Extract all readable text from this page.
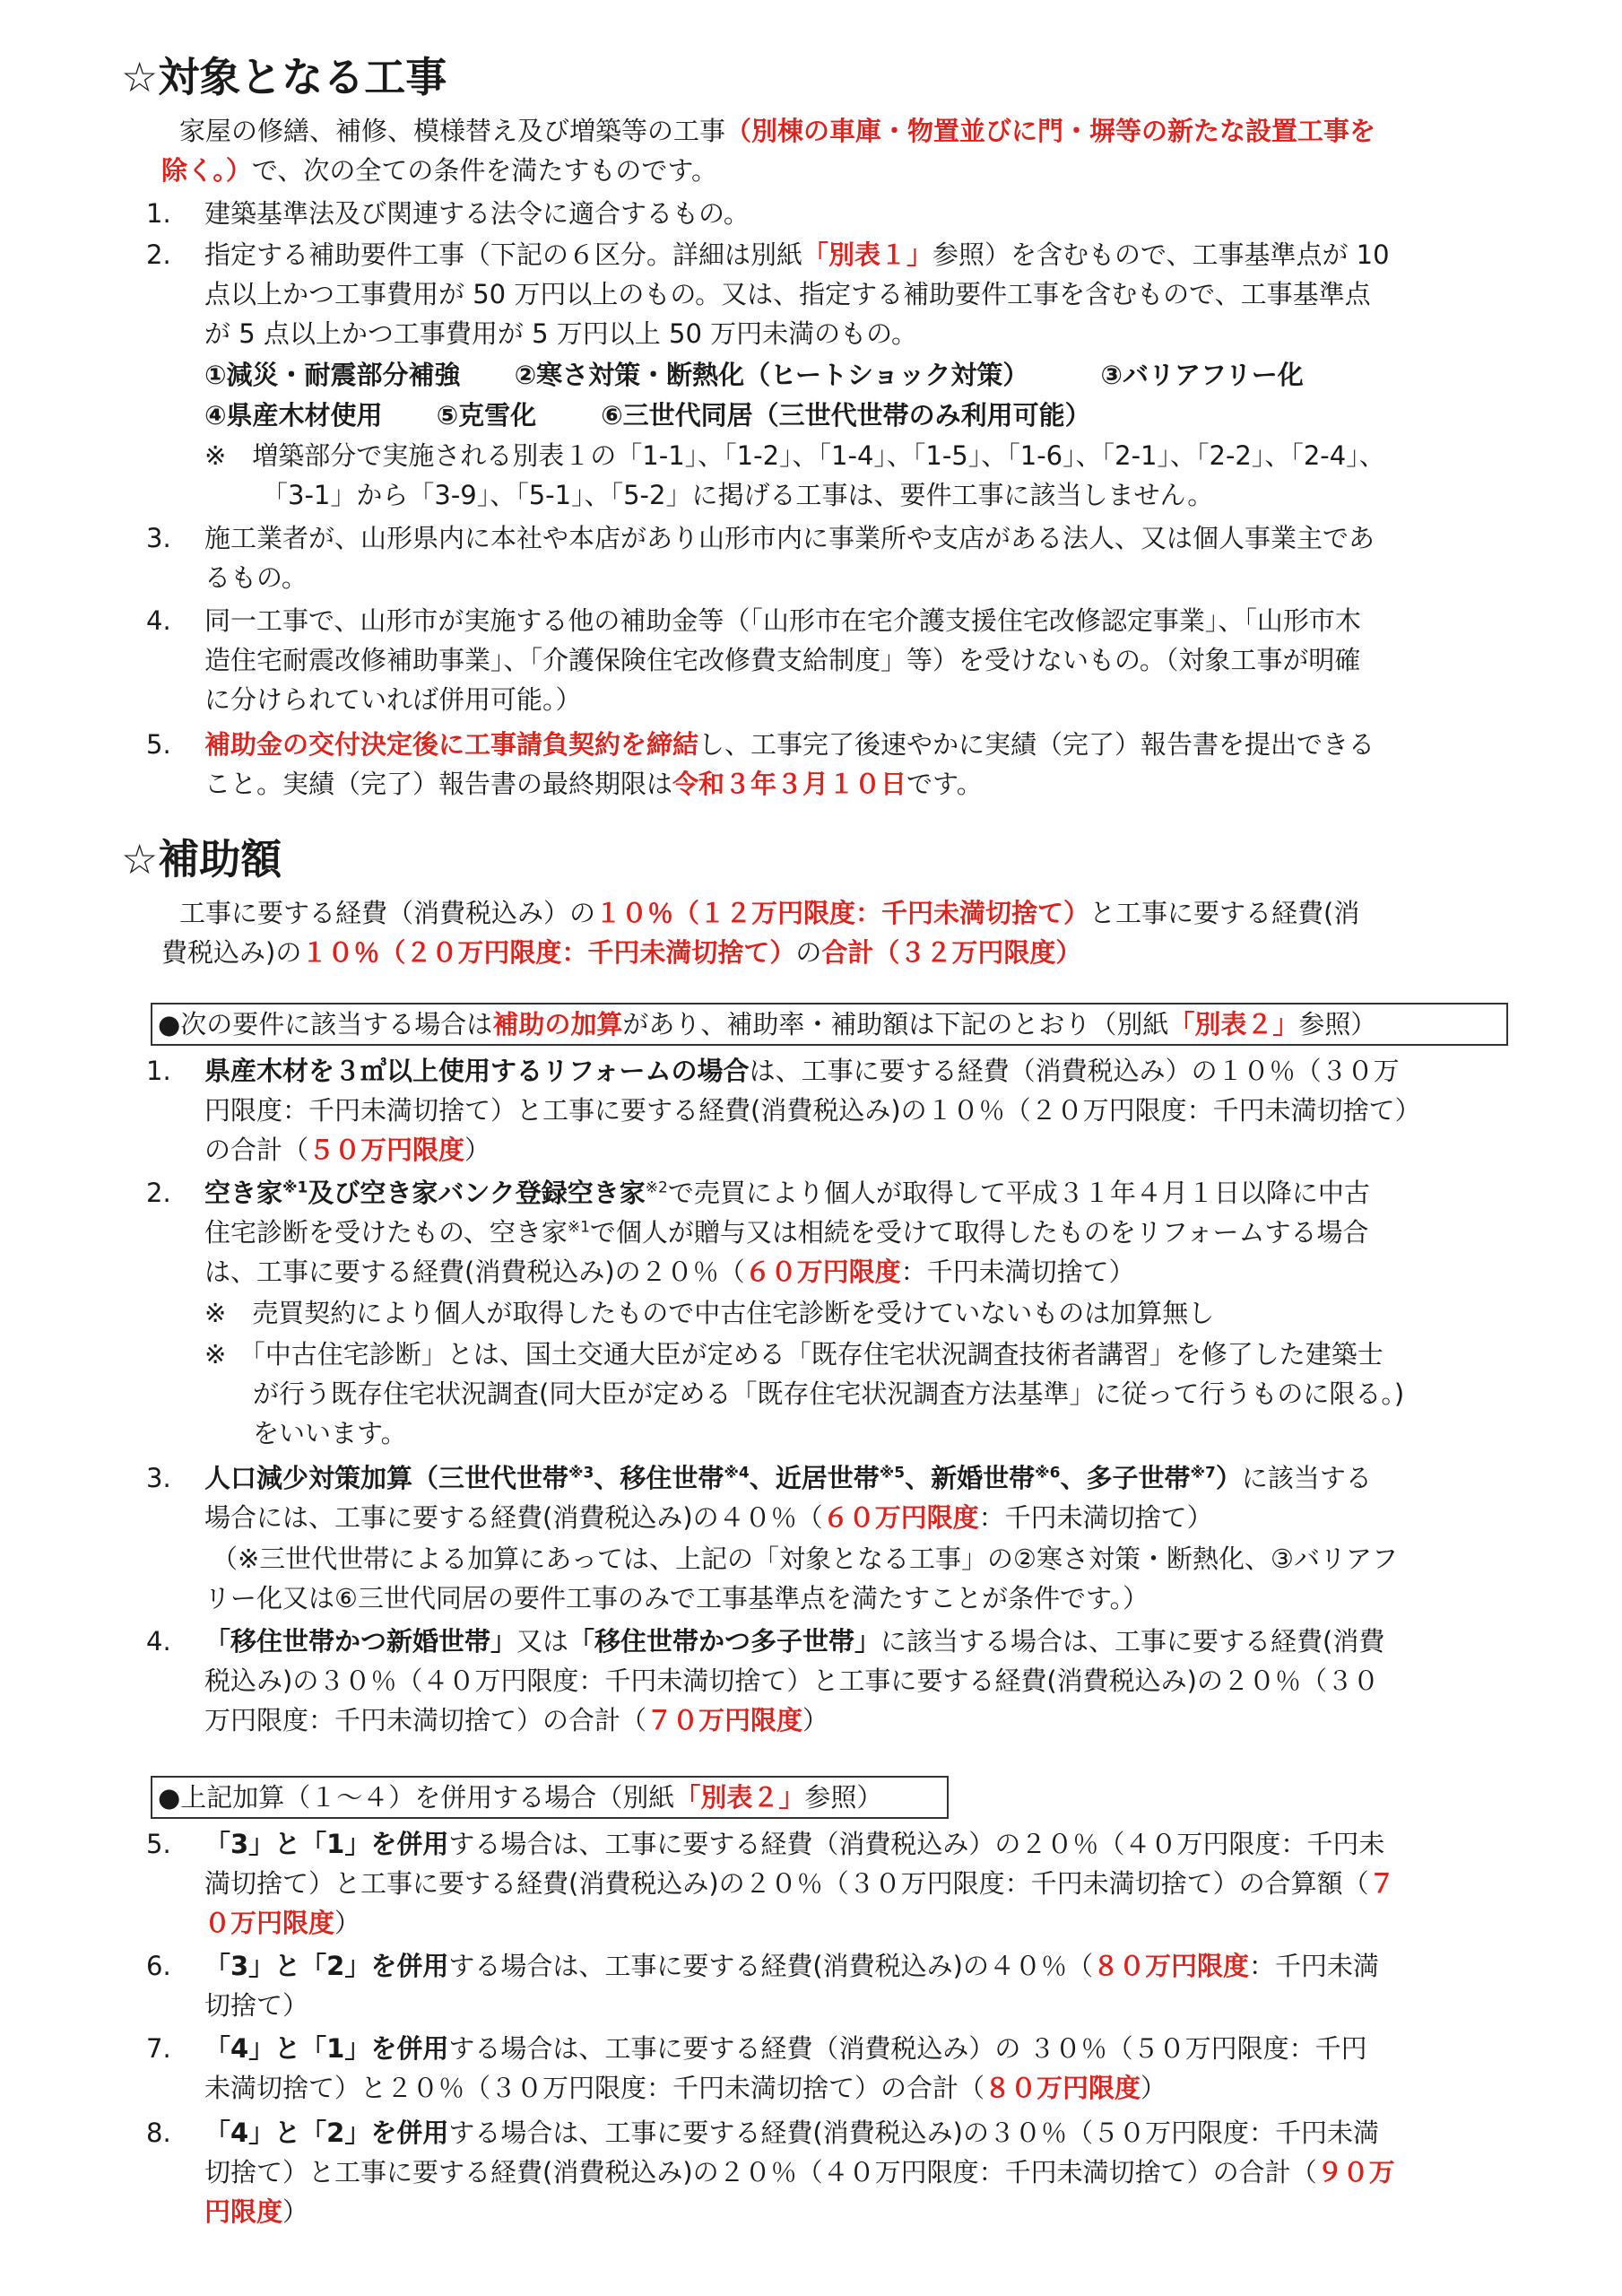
☆対象となる工事

家屋の修繕、補修、模様替え及び増築等の工事（別棟の車庫・物置並びに門・塀等の新たな設置工事を

除く。）で、次の全ての条件を満たすものです。

1. 建築基準法及び関連する法令に適合するもの。

2. 指定する補助要件工事（下記の６区分。詳細は別紙「別表１」参照）を含むもので、工事基準点が 10

点以上かつ工事費用が 50 万円以上のもの。又は、指定する補助要件工事を含むもので、工事基準点

が 5 点以上かつ工事費用が 5 万円以上 50 万円未満のもの。

①減災・耐震部分補強 ②寒さ対策・断熱化（ヒートショック対策）	③バリアフリー化

④県産木材使用 ⑤克雪化 ⑥三世代同居（三世代世帯のみ利用可能）

※　増築部分で実施される別表１の「1-1」、「1-2」、「1-4」、「1-5」、「1-6」、「2-1」、「2-2」、「2-4」、

「3-1」から「3-9」、「5-1」、「5-2」に掲げる工事は、要件工事に該当しません。

3. 施工業者が、山形県内に本社や本店があり山形市内に事業所や支店がある法人、又は個人事業主であ

るもの。

4. 同一工事で、山形市が実施する他の補助金等（「山形市在宅介護支援住宅改修認定事業」、「山形市木

造住宅耐震改修補助事業」、「介護保険住宅改修費支給制度」等）を受けないもの。（対象工事が明確

に分けられていれば併用可能。）

5. 補助金の交付決定後に工事請負契約を締結し、工事完了後速やかに実績（完了）報告書を提出できる

こと。実績（完了）報告書の最終期限は令和３年３月１０日です。

☆補助額

工事に要する経費（消費税込み）の１０％（１２万円限度：千円未満切捨て）と工事に要する経費(消

費税込み)の１０％（２０万円限度：千円未満切捨て）の合計（３２万円限度）

●次の要件に該当する場合は補助の加算があり、補助率・補助額は下記のとおり（別紙「別表２」参照）

1. 県産木材を３㎥以上使用するリフォームの場合は、工事に要する経費（消費税込み）の１０％（３０万

円限度：千円未満切捨て）と工事に要する経費(消費税込み)の１０％（２０万円限度：千円未満切捨て）

の合計（５０万円限度）

2. 空き家$^{※1}$及び空き家バンク登録空き家$^{※2}$で売買により個人が取得して平成３１年４月１日以降に中古

住宅診断を受けたもの、空き家$^{※1}$で個人が贈与又は相続を受けて取得したものをリフォームする場合

は、工事に要する経費(消費税込み)の２０％（６０万円限度：千円未満切捨て）

※　売買契約により個人が取得したもので中古住宅診断を受けていないものは加算無し

※　「中古住宅診断」とは、国土交通大臣が定める「既存住宅状況調査技術者講習」を修了した建築士

が行う既存住宅状況調査(同大臣が定める「既存住宅状況調査方法基準」に従って行うものに限る。)

をいいます。

3. 人口減少対策加算（三世代世帯$^{※3}$、移住世帯$^{※4}$、近居世帯$^{※5}$、新婚世帯$^{※6}$、多子世帯$^{※7}$）に該当する

場合には、工事に要する経費(消費税込み)の４０％（６０万円限度：千円未満切捨て）

（※三世代世帯による加算にあっては、上記の「対象となる工事」の②寒さ対策・断熱化、③バリアフ

リー化又は⑥三世代同居の要件工事のみで工事基準点を満たすことが条件です。）

4. 「移住世帯かつ新婚世帯」又は「移住世帯かつ多子世帯」に該当する場合は、工事に要する経費(消費

税込み)の３０％（４０万円限度：千円未満切捨て）と工事に要する経費(消費税込み)の２０％（３０

万円限度：千円未満切捨て）の合計（７０万円限度）

●上記加算（１～４）を併用する場合（別紙「別表２」参照）

5. 「3」と「1」を併用する場合は、工事に要する経費（消費税込み）の２０％（４０万円限度：千円未

満切捨て）と工事に要する経費(消費税込み)の２０％（３０万円限度：千円未満切捨て）の合算額（７

０万円限度）

6. 「3」と「2」を併用する場合は、工事に要する経費(消費税込み)の４０％（８０万円限度：千円未満

切捨て）

7. 「4」と「1」を併用する場合は、工事に要する経費（消費税込み）の ３０％（５０万円限度：千円

未満切捨て）と２０％（３０万円限度：千円未満切捨て）の合計（８０万円限度）

8. 「4」と「2」を併用する場合は、工事に要する経費(消費税込み)の３０％（５０万円限度：千円未満

切捨て）と工事に要する経費(消費税込み)の２０％（４０万円限度：千円未満切捨て）の合計（９０万

円限度）
